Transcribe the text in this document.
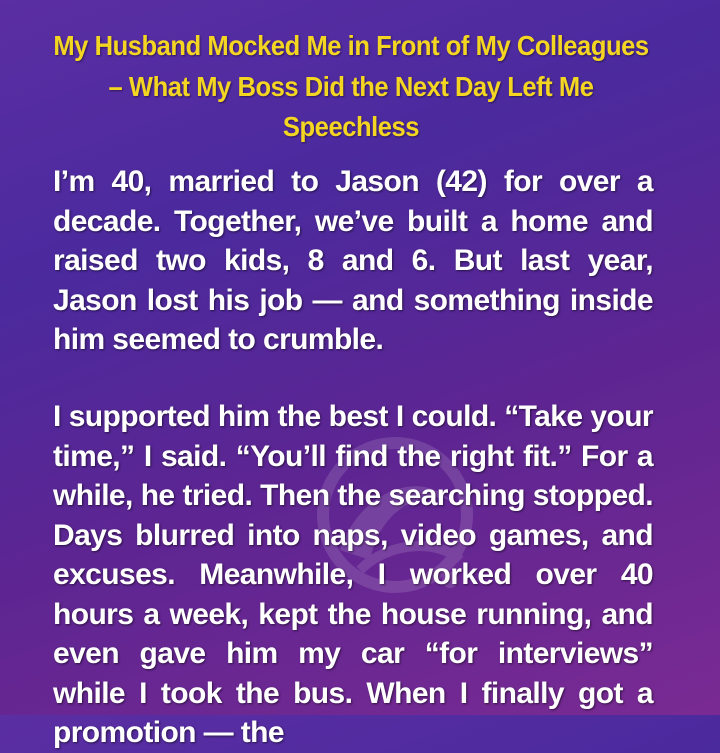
My Husband Mocked Me in Front of My Colleagues – What My Boss Did the Next Day Left Me Speechless

I’m 40, married to Jason (42) for over a decade. Together, we’ve built a home and raised two kids, 8 and 6. But last year, Jason lost his job — and something inside him seemed to crumble.

I supported him the best I could. “Take your time,” I said. “You’ll find the right fit.” For a while, he tried. Then the searching stopped. Days blurred into naps, video games, and excuses. Meanwhile, I worked over 40 hours a week, kept the house running, and even gave him my car “for interviews” while I took the bus. When I finally got a promotion — the
